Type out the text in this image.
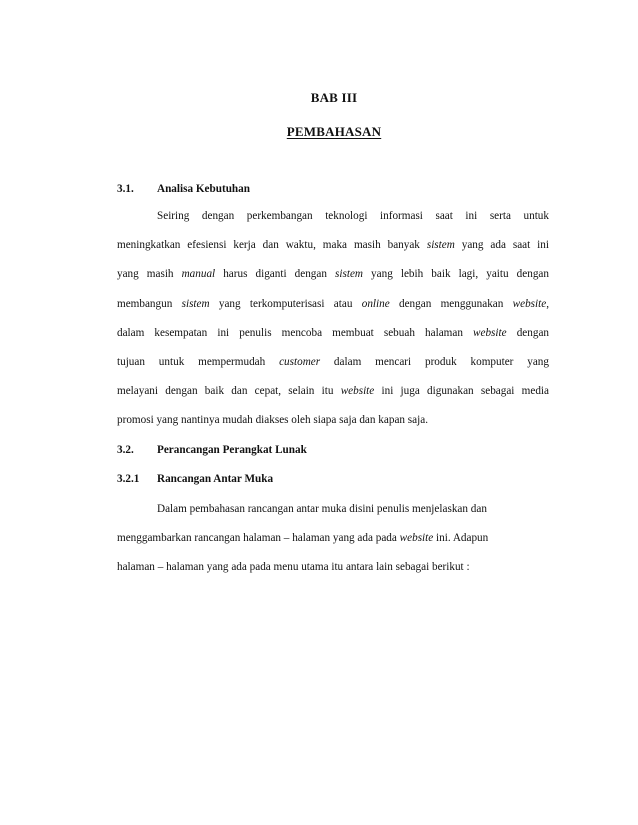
BAB III

PEMBAHASAN

3.1. Analisa Kebutuhan

Seiring dengan perkembangan teknologi informasi saat ini serta untuk
meningkatkan efesiensi kerja dan waktu, maka masih banyak sistem yang ada saat ini
yang masih manual harus diganti dengan sistem yang lebih baik lagi, yaitu dengan
membangun sistem yang terkomputerisasi atau online dengan menggunakan website,
dalam kesempatan ini penulis mencoba membuat sebuah halaman website dengan
tujuan untuk mempermudah customer dalam mencari produk komputer yang
melayani dengan baik dan cepat, selain itu website ini juga digunakan sebagai media
promosi yang nantinya mudah diakses oleh siapa saja dan kapan saja.

3.2. Perancangan Perangkat Lunak

3.2.1 Rancangan Antar Muka

Dalam pembahasan rancangan antar muka disini penulis menjelaskan dan
menggambarkan rancangan halaman – halaman yang ada pada website ini. Adapun
halaman – halaman yang ada pada menu utama itu antara lain sebagai berikut :
